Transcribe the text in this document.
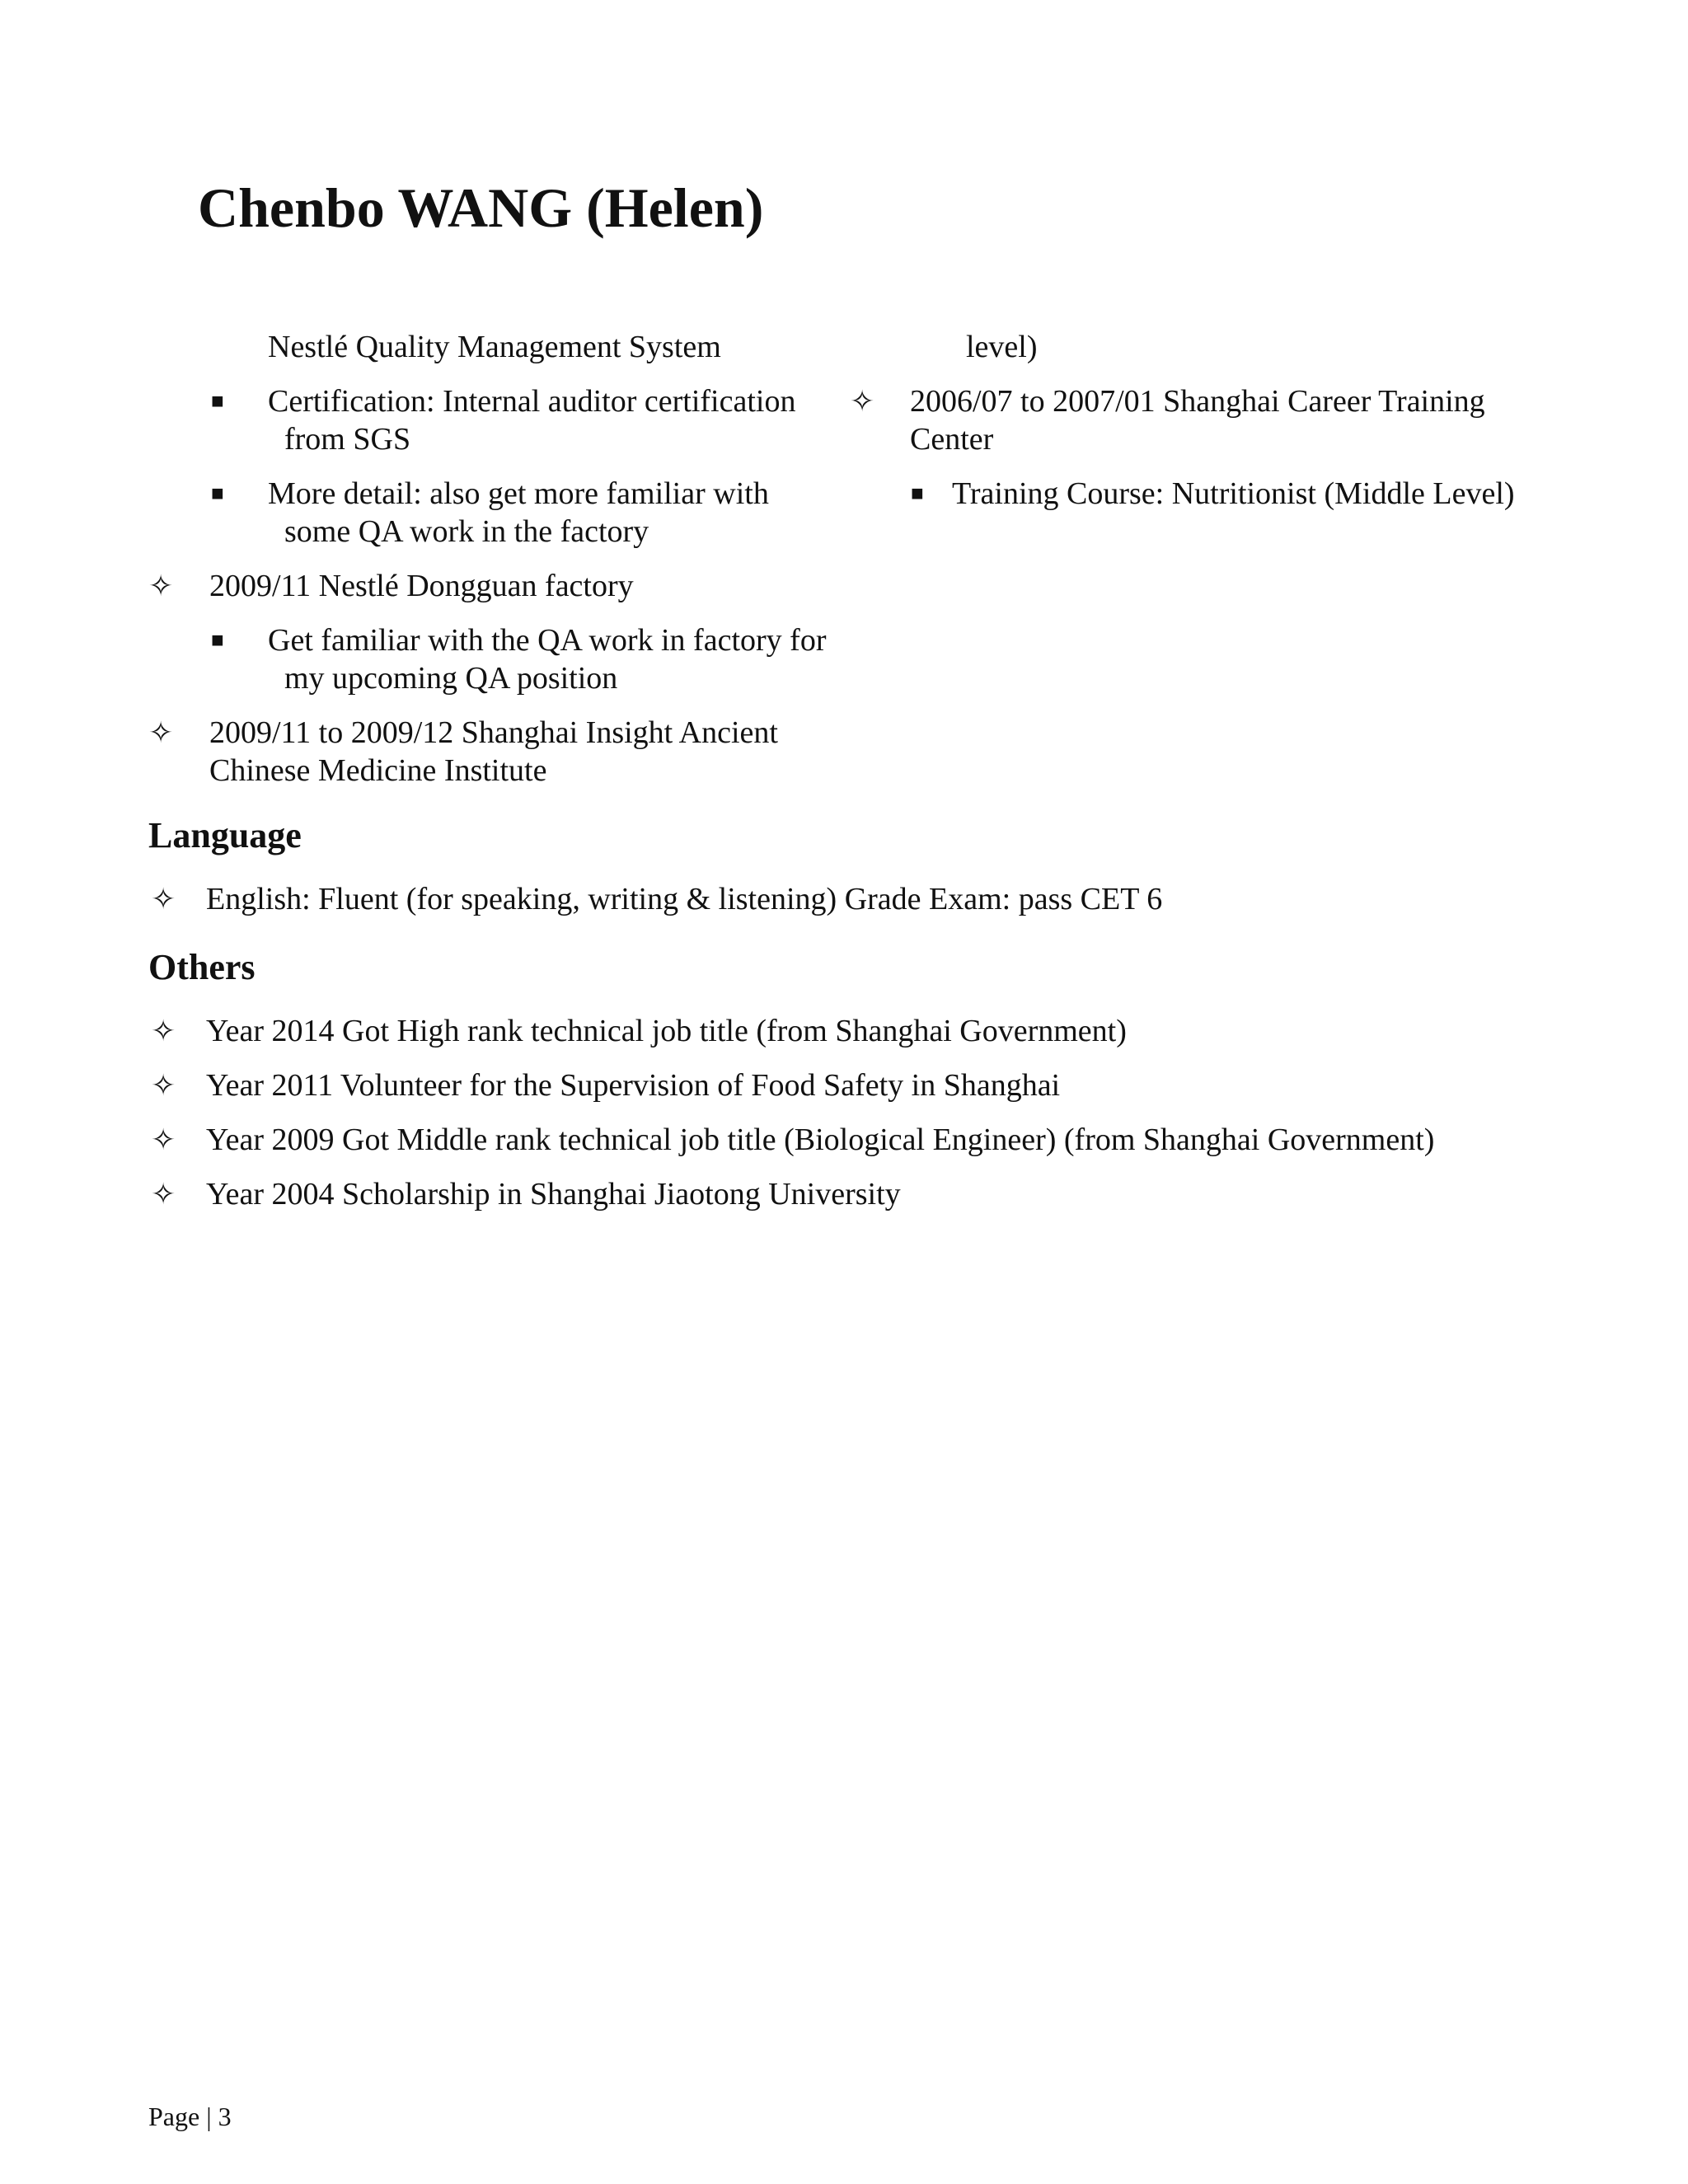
Chenbo WANG (Helen)
Nestlé Quality Management System
■ Certification: Internal auditor certification from SGS
■ More detail: also get more familiar with some QA work in the factory
✧ 2009/11 Nestlé Dongguan factory
■ Get familiar with the QA work in factory for my upcoming QA position
✧ 2009/11 to 2009/12 Shanghai Insight Ancient Chinese Medicine Institute
level)
✧ 2006/07 to 2007/01 Shanghai Career Training Center
■ Training Course: Nutritionist (Middle Level)
Language
✧ English: Fluent (for speaking, writing & listening) Grade Exam: pass CET 6
Others
✧ Year 2014 Got High rank technical job title (from Shanghai Government)
✧ Year 2011 Volunteer for the Supervision of Food Safety in Shanghai
✧ Year 2009 Got Middle rank technical job title (Biological Engineer) (from Shanghai Government)
✧ Year 2004 Scholarship in Shanghai Jiaotong University
Page | 3
